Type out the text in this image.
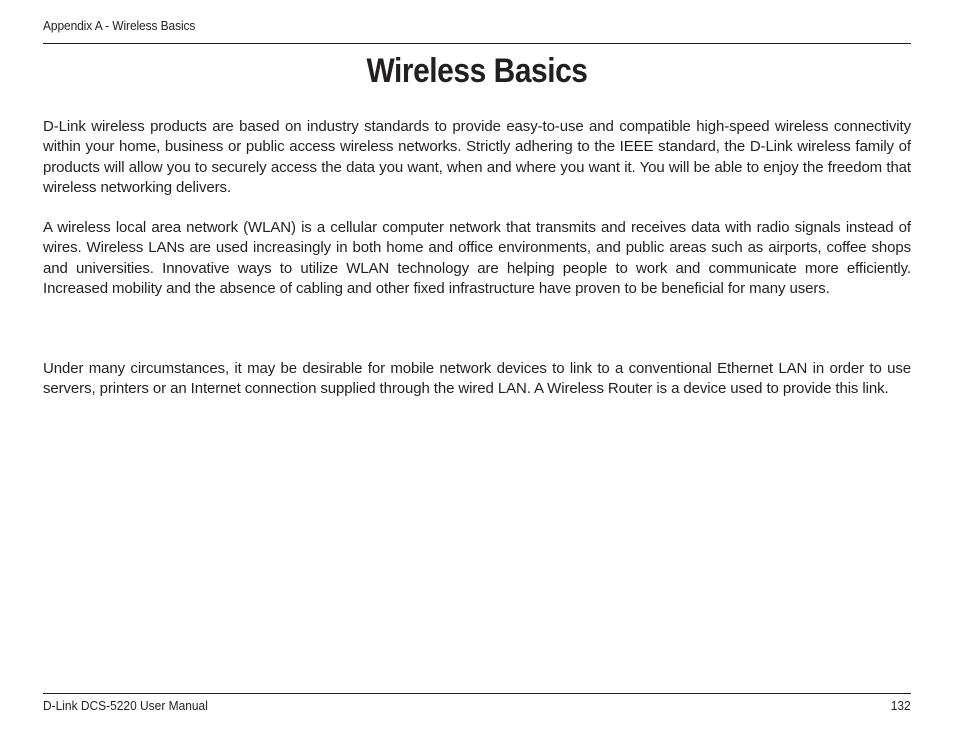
Appendix A - Wireless Basics
Wireless Basics

D-Link wireless products are based on industry standards to provide easy-to-use and compatible high-speed wireless connectivity within your home, business or public access wireless networks. Strictly adhering to the IEEE standard, the D-Link wireless family of products will allow you to securely access the data you want, when and where you want it. You will be able to enjoy the freedom that wireless networking delivers.

A wireless local area network (WLAN) is a cellular computer network that transmits and receives data with radio signals instead of wires. Wireless LANs are used increasingly in both home and office environments, and public areas such as airports, coffee shops and universities. Innovative ways to utilize WLAN technology are helping people to work and communicate more efficiently. Increased mobility and the absence of cabling and other fixed infrastructure have proven to be beneficial for many users.

Under many circumstances, it may be desirable for mobile network devices to link to a conventional Ethernet LAN in order to use servers, printers or an Internet connection supplied through the wired LAN. A Wireless Router is a device used to provide this link.

D-Link DCS-5220 User Manual	132
